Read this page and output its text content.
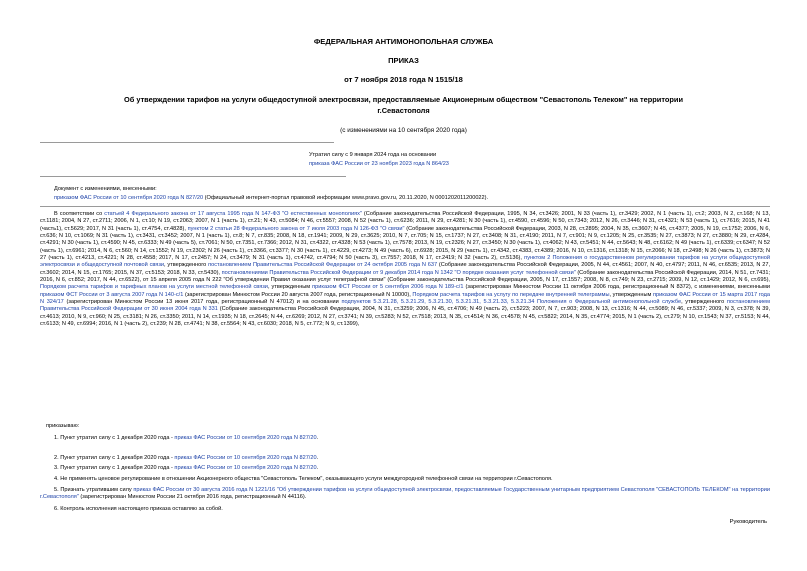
ФЕДЕРАЛЬНАЯ АНТИМОНОПОЛЬНАЯ СЛУЖБА
ПРИКАЗ
от 7 ноября 2018 года N 1515/18
Об утверждении тарифов на услуги общедоступной электросвязи, предоставляемые Акционерным обществом "Севастополь Телеком" на территории
г.Севастополя
(с изменениями на 10 сентября 2020 года)
Утратил силу с 9 января 2024 года на основании
приказа ФАС России от 23 ноября 2023 года N 864/23
Документ с изменениями, внесенными:
приказом ФАС России от 10 сентября 2020 года N 827/20 (Официальный интернет-портал правовой информации www.pravo.gov.ru, 20.11.2020, N 0001202011200022).

В соответствии со статьей 4 Федерального закона от 17 августа 1995 года N 147-ФЗ "О естественных монополиях" (Собрание законодательства Российской Федерации, 1995, N 34, ст.3426; 2001, N 33 (часть 1), ст.3429; 2002, N 1 (часть 1), ст.2; 2003, N 2, ст.168; N 13, ст.1181; 2004, N 27, ст.2711; 2006, N 1, ст.10; N 19, ст.2063; 2007, N 1 (часть 1), ст.21; N 43, ст.5084; N 46, ст.5557; 2008, N 52 (часть 1), ст.6236; 2011, N 29, ст.4281; N 30 (часть 1), ст.4590, ст.4596; N 50, ст.7343; 2012, N 26, ст.3446; N 31, ст.4321; N 53 (часть 1), ст.7616; 2015, N 41 (часть1), ст.5629; 2017, N 31 (часть 1), ст.4754, ст.4828), пунктом 2 статьи 28 Федерального закона от 7 июля 2003 года N 126-ФЗ "О связи" (Собрание законодательства Российской Федерации, 2003, N 28, ст.2895; 2004, N 35, ст.3607; N 45, ст.4377; 2005, N 19, ст.1752; 2006, N 6, ст.636; N 10, ст.1069; N 31 (часть 1), ст.3431, ст.3452; 2007, N 1 (часть 1), ст.8; N 7, ст.835; 2008, N 18, ст.1941; 2009, N 29, ст.3625; 2010, N 7, ст.705; N 15, ст.1737; N 27, ст.3408; N 31, ст.4190; 2011, N 7, ст.901; N 9, ст.1205; N 25, ст.3535; N 27, ст.3873; N 27, ст.3880; N 29, ст.4284, ст.4291; N 30 (часть 1), ст.4590; N 45, ст.6333; N 49 (часть 5), ст.7061; N 50, ст.7351, ст.7366; 2012, N 31, ст.4322, ст.4328; N 53 (часть 1), ст.7578; 2013, N 19, ст.2326; N 27, ст.3450; N 30 (часть 1), ст.4062; N 43, ст.5451; N 44, ст.5643; N 48, ст.6162; N 49 (часть 1), ст.6339; ст.6347; N 52 (часть 1), ст.6961; 2014, N 6, ст.560; N 14, ст.1552; N 19, ст.2302; N 26 (часть 1), ст.3366, ст.3377; N 30 (часть 1), ст.4229, ст.4273; N 49 (часть 6), ст.6928; 2015, N 29 (часть 1), ст.4342, ст.4383, ст.4389; 2016, N 10, ст.1316, ст.1318; N 15, ст.2066; N 18, ст.2498; N 26 (часть 1), ст.3873; N 27 (часть 1), ст.4213, ст.4221; N 28, ст.4558; 2017, N 17, ст.2457; N 24, ст.3479; N 31 (часть 1), ст.4742, ст.4794; N 50 (часть 3), ст.7557; 2018, N 17, ст.2419; N 32 (часть 2), ст.5136), пунктом 2 Положения о государственном регулировании тарифов на услуги общедоступной электросвязи и общедоступной почтовой связи, утвержденного постановлением Правительства Российской Федерации от 24 октября 2005 года N 637 (Собрание законодательства Российской Федерации, 2005, N 44, ст.4561; 2007, N 40, ст.4797; 2011, N 46, ст.6535; 2013, N 27, ст.3602; 2014, N 15, ст.1765; 2015, N 37, ст.5153; 2018, N 33, ст.5430), постановлениями Правительства Российской Федерации от 9 декабря 2014 года N 1342 "О порядке оказания услуг телефонной связи" (Собрание законодательства Российской Федерации, 2014, N 51, ст.7431; 2016, N 6, ст.852; 2017, N 44, ст.6522), от 15 апреля 2005 года N 222 "Об утверждении Правил оказания услуг телеграфной связи" (Собрание законодательства Российской Федерации, 2005, N 17, ст.1557; 2008, N 8, ст.749; N 23, ст.2715; 2009, N 12, ст.1429; 2012, N 6, ст.695), Порядком расчета тарифов и тарифных планов на услуги местной телефонной связи, утвержденным приказом ФСТ России от 5 сентября 2006 года N 189-с/1 (зарегистрирован Минюстом России 11 октября 2006 года, регистрационный N 8372), с изменениями, внесенными приказом ФСТ России от 3 августа 2007 года N 140-с/1 (зарегистрирован Минюстом России 20 августа 2007 года, регистрационный N 10000), Порядком расчета тарифов на услугу по передаче внутренней телеграммы, утвержденным приказом ФАС России от 15 марта 2017 года N 324/17 (зарегистрирован Минюстом России 13 июня 2017 года, регистрационный N 47012) и на основании подпунктов 5.3.21.28, 5.3.21.29, 5.3.21.30, 5.3.21.31, 5.3.21.33, 5.3.21.34 Положения о Федеральной антимонопольной службе, утвержденного постановлением Правительства Российской Федерации от 30 июня 2004 года N 331 (Собрание законодательства Российской Федерации, 2004, N 31, ст.3259; 2006, N 45, ст.4706; N 49 (часть 2), ст.5223; 2007, N 7, ст.903; 2008, N 13, ст.1316; N 44, ст.5089; N 46, ст.5337; 2009, N 3, ст.378; N 39, ст.4613; 2010, N 9, ст.960; N 25, ст.3181; N 26, ст.3350; 2011, N 14, ст.1935; N 18, ст.2645; N 44, ст.6269; 2012, N 27, ст.3741; N 39, ст.5283; N 52, ст.7518; 2013, N 35, ст.4514; N 36, ст.4578; N 45, ст.5822; 2014, N 35, ст.4774; 2015, N 1 (часть 2), ст.279; N 10, ст.1543; N 37, ст.5153; N 44, ст.6133; N 49, ст.6994; 2016, N 1 (часть 2), ст.239; N 28, ст.4741; N 38, ст.5564; N 43, ст.6030; 2018, N 5, ст.772; N 9, ст.1399),

приказываю:
1. Пункт утратил силу с 1 декабря 2020 года - приказ ФАС России от 10 сентября 2020 года N 827/20.
2. Пункт утратил силу с 1 декабря 2020 года - приказ ФАС России от 10 сентября 2020 года N 827/20.
3. Пункт утратил силу с 1 декабря 2020 года - приказ ФАС России от 10 сентября 2020 года N 827/20.
4. Не применять ценовое регулирование в отношении Акционерного общества "Севастополь Телеком", оказывающего услуги междугородной телефонной связи на территории г.Севастополя.

5. Признать утратившим силу приказ ФАС России от 30 августа 2016 года N 1221/16 "Об утверждении тарифов на услуги общедоступной электросвязи, предоставляемые Государственным унитарным предприятием Севастополя "СЕВАСТОПОЛЬ ТЕЛЕКОМ" на территории г.Севастополя" (зарегистрирован Минюстом России 21 октября 2016 года, регистрационный N 44116).

6. Контроль исполнения настоящего приказа оставляю за собой.
Руководитель
